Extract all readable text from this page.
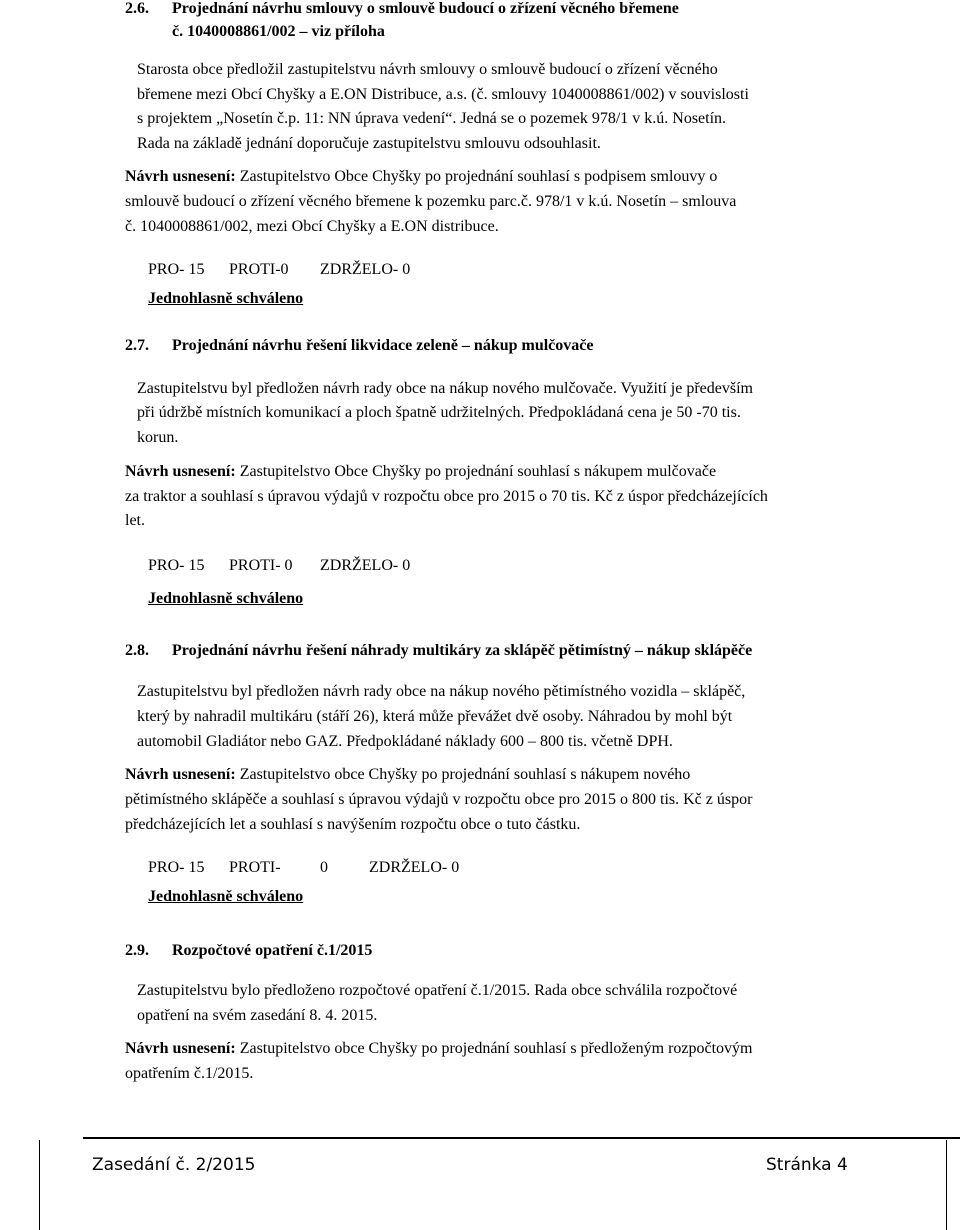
2.6. Projednání návrhu smlouvy o smlouvě budoucí o zřízení věcného břemene
č. 1040008861/002 – viz příloha
Starosta obce předložil zastupitelstvu návrh smlouvy o smlouvě budoucí o zřízení věcného
břemene mezi Obcí Chyšky a E.ON Distribuce, a.s. (č. smlouvy 1040008861/002) v souvislosti
s projektem „Nosetín č.p. 11: NN úprava vedení“. Jedná se o pozemek 978/1 v k.ú. Nosetín.
Rada na základě jednání doporučuje zastupitelstvu smlouvu odsouhlasit.
Návrh usnesení: Zastupitelstvo Obce Chyšky po projednání souhlasí s podpisem smlouvy o
smlouvě budoucí o zřízení věcného břemene k pozemku parc.č. 978/1 v k.ú. Nosetín – smlouva
č. 1040008861/002, mezi Obcí Chyšky a E.ON distribuce.
PRO- 15 PROTI-0 ZDRŽELO- 0
Jednohlasně schváleno
2.7. Projednání návrhu řešení likvidace zeleně – nákup mulčovače
Zastupitelstvu byl předložen návrh rady obce na nákup nového mulčovače. Využití je především
při údržbě místních komunikací a ploch špatně udržitelných. Předpokládaná cena je 50 -70 tis.
korun.
Návrh usnesení: Zastupitelstvo Obce Chyšky po projednání souhlasí s nákupem mulčovače
za traktor a souhlasí s úpravou výdajů v rozpočtu obce pro 2015 o 70 tis. Kč z úspor předcházejících
let.
PRO- 15 PROTI- 0 ZDRŽELO- 0
Jednohlasně schváleno
2.8. Projednání návrhu řešení náhrady multikáry za sklápěč pětimístný – nákup sklápěče
Zastupitelstvu byl předložen návrh rady obce na nákup nového pětimístného vozidla – sklápěč,
který by nahradil multikáru (stáří 26), která může převážet dvě osoby. Náhradou by mohl být
automobil Gladiátor nebo GAZ. Předpokládané náklady 600 – 800 tis. včetně DPH.
Návrh usnesení: Zastupitelstvo obce Chyšky po projednání souhlasí s nákupem nového
pětimístného sklápěče a souhlasí s úpravou výdajů v rozpočtu obce pro 2015 o 800 tis. Kč z úspor
předcházejících let a souhlasí s navýšením rozpočtu obce o tuto částku.
PRO- 15 PROTI- 0	ZDRŽELO- 0
Jednohlasně schváleno
2.9. Rozpočtové opatření č.1/2015
Zastupitelstvu bylo předloženo rozpočtové opatření č.1/2015. Rada obce schválila rozpočtové
opatření na svém zasedání 8. 4. 2015.
Návrh usnesení: Zastupitelstvo obce Chyšky po projednání souhlasí s předloženým rozpočtovým
opatřením č.1/2015.
Zasedání č. 2/2015	Stránka 4
